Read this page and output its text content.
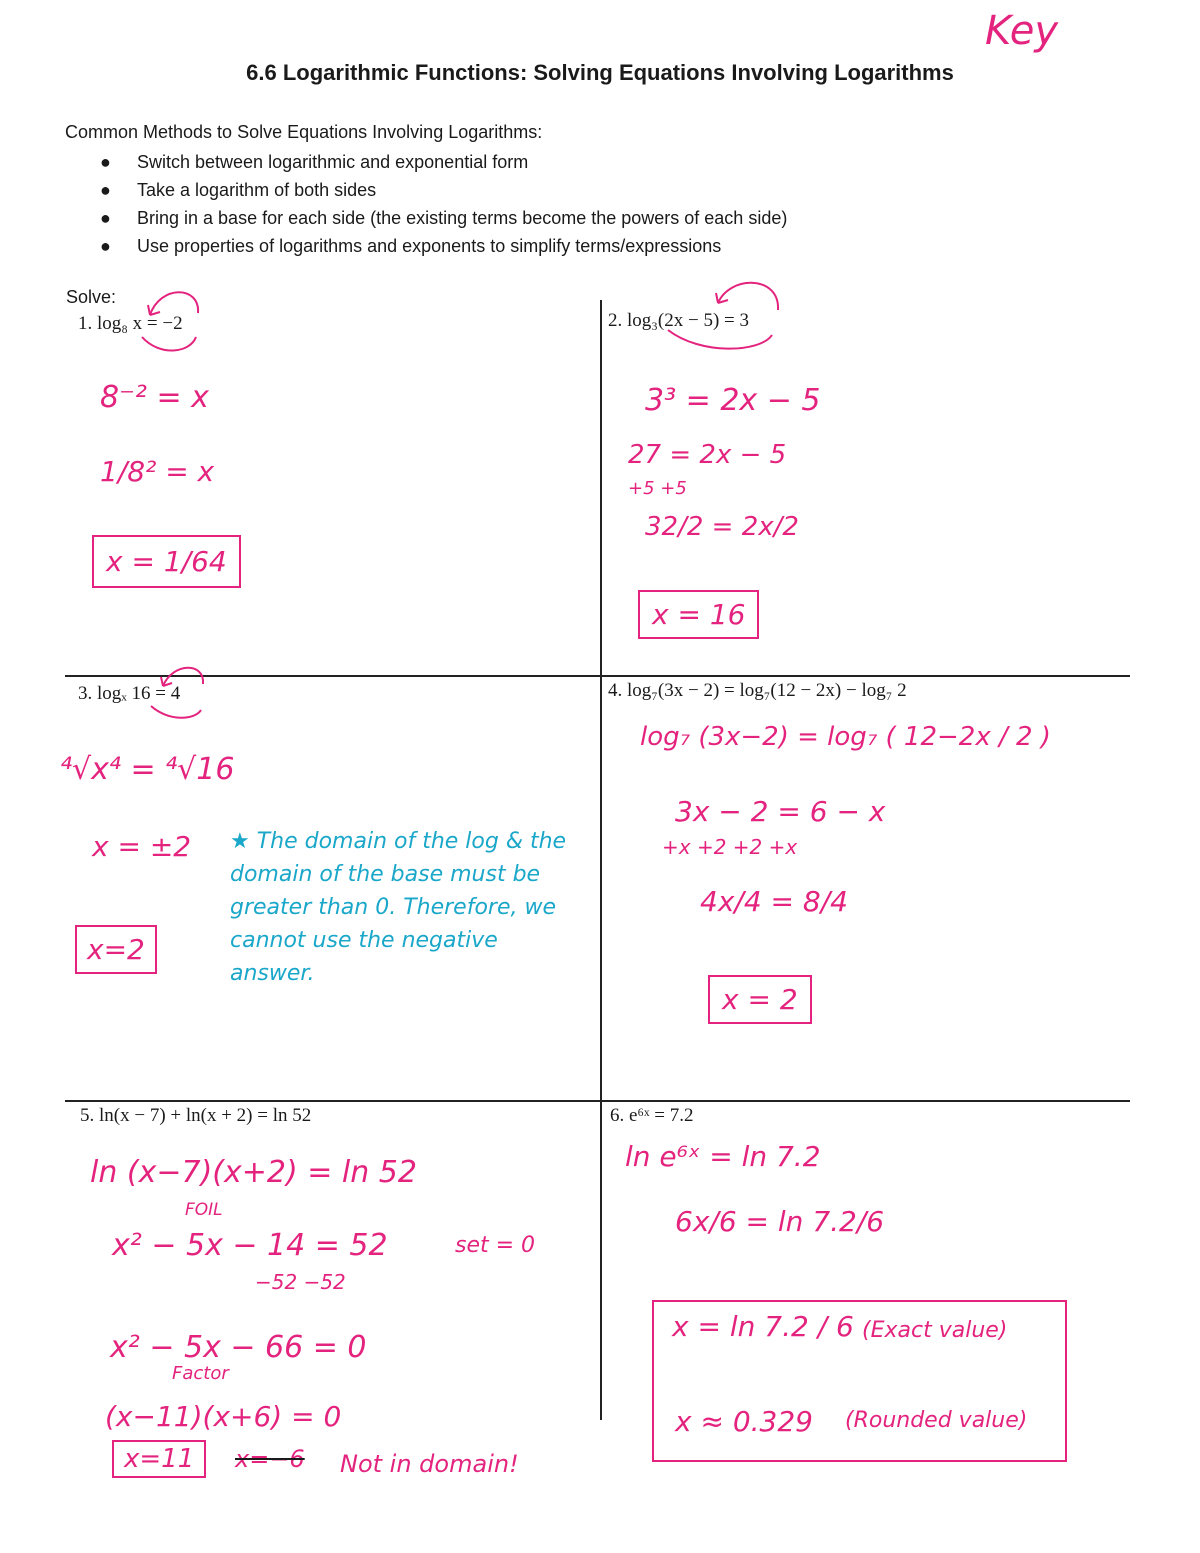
Key
6.6 Logarithmic Functions: Solving Equations Involving Logarithms
Common Methods to Solve Equations Involving Logarithms:
● Switch between logarithmic and exponential form
● Take a logarithm of both sides
● Bring in a base for each side (the existing terms become the powers of each side)
● Use properties of logarithms and exponents to simplify terms/expressions
Solve:
1. log₈ x = −2
8⁻² = x
1/8² = x
x = 1/64
2. log₃(2x − 5) = 3
3³ = 2x − 5
27 = 2x − 5
+5 +5
32/2 = 2x/2
x = 16
3. logₓ 16 = 4
⁴√x⁴ = ⁴√16
x = ±2 ★ The domain of the log & the domain of the base must be greater than 0. Therefore, we cannot use the negative answer.
x=2
4. log₇(3x − 2) = log₇(12 − 2x) − log₇ 2
log₇ (3x−2) = log₇ ( 12−2x / 2 )
3x − 2 = 6 − x
+x +2 +2 +x
4x/4 = 8/4
x = 2
5. ln(x − 7) + ln(x + 2) = ln 52
ln (x−7)(x+2) = ln 52
FOIL
x² − 5x − 14 = 52
−52 −52
set = 0
x² − 5x − 66 = 0
Factor
(x−11)(x+6) = 0
x=11	x=−6 Not in domain!
6. e⁶ˣ = 7.2
ln e⁶ˣ = ln 7.2
6x/6 = ln 7.2/6
x = ln 7.2 / 6 (Exact value)
x ≈ 0.329 (Rounded value)
